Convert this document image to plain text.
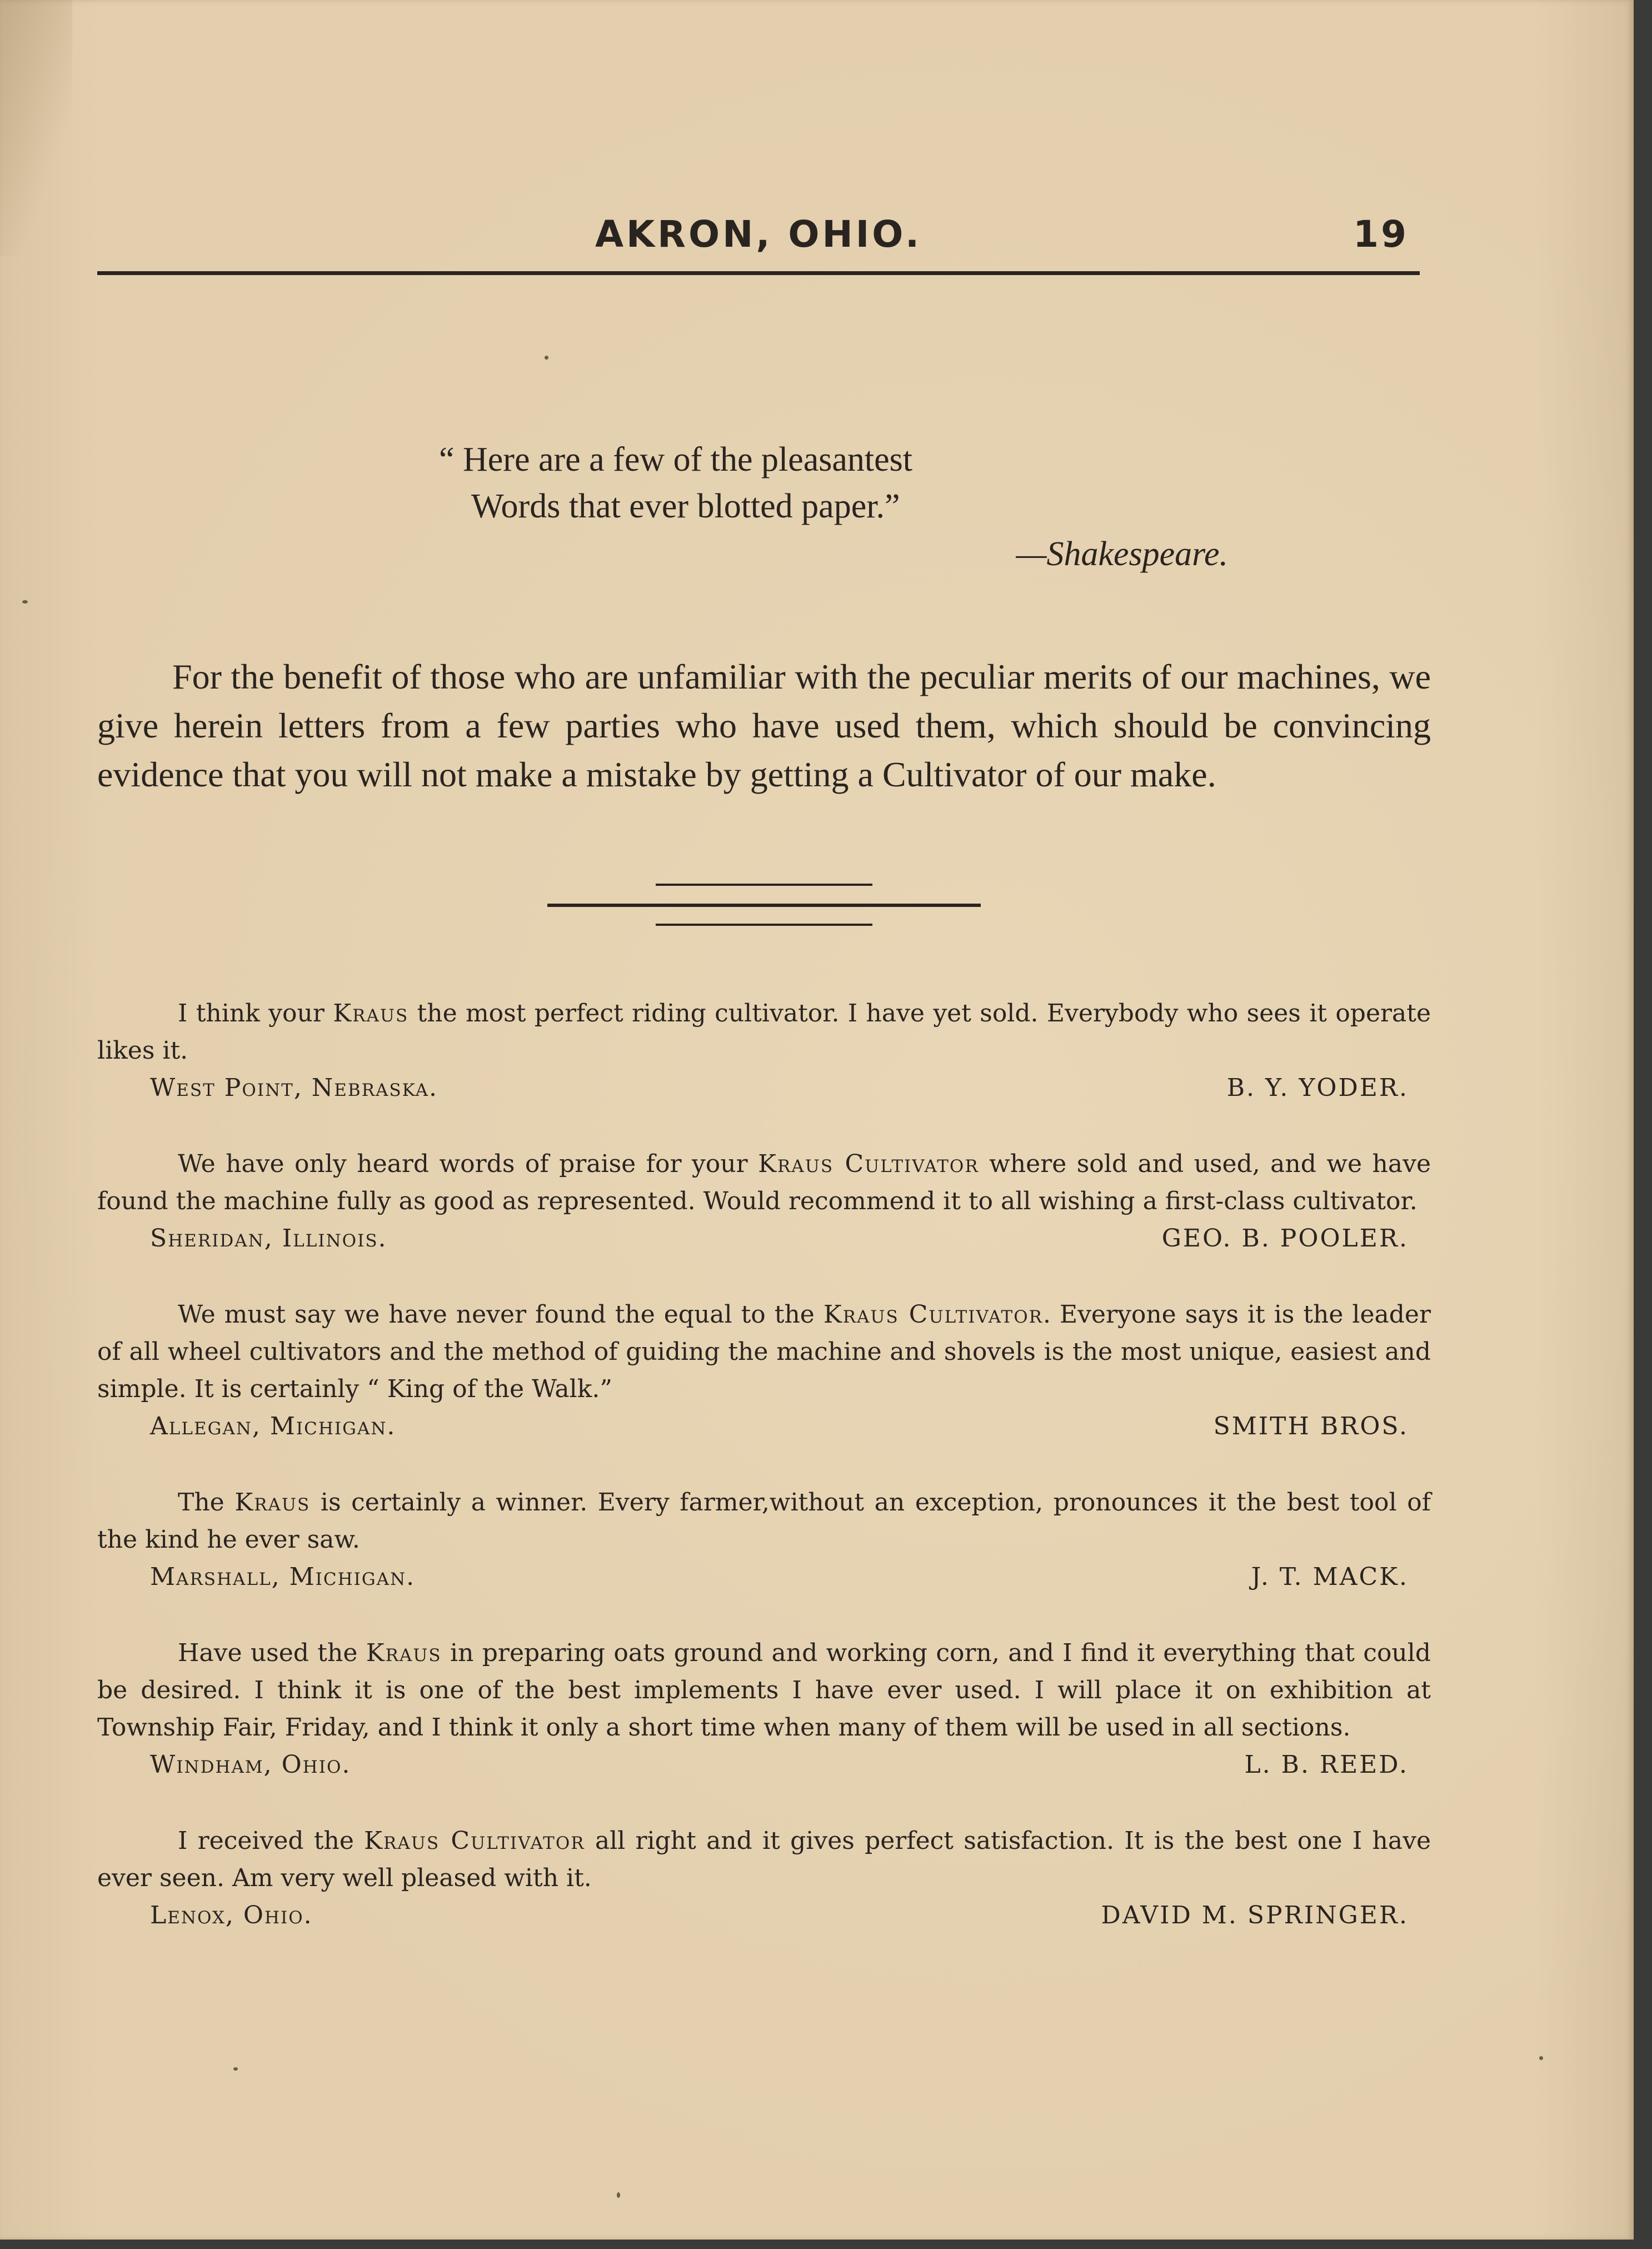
AKRON, OHIO.	19
“ Here are a few of the pleasantest
Words that ever blotted paper.”
—Shakespeare.

For the benefit of those who are unfamiliar with the peculiar merits of our machines, we give herein letters from a few parties who have used them, which should be convincing evidence that you will not make a mistake by getting a Cultivator of our make.

I think your Kraus the most perfect riding cultivator. I have yet sold. Everybody who sees it operate likes it.

West Point, Nebraska.	B. Y. YODER.

We have only heard words of praise for your Kraus Cultivator where sold and used, and we have found the machine fully as good as represented. Would recommend it to all wishing a first-class cultivator.

Sheridan, Illinois.	GEO. B. POOLER.

We must say we have never found the equal to the Kraus Cultivator. Everyone says it is the leader of all wheel cultivators and the method of guiding the machine and shovels is the most unique, easiest and simple. It is certainly “ King of the Walk.”

Allegan, Michigan.	SMITH BROS.

The Kraus is certainly a winner. Every farmer,without an exception, pronounces it the best tool of the kind he ever saw.

Marshall, Michigan.	J. T. MACK.

Have used the Kraus in preparing oats ground and working corn, and I find it everything that could be desired. I think it is one of the best implements I have ever used. I will place it on exhibition at Township Fair, Friday, and I think it only a short time when many of them will be used in all sections.

Windham, Ohio.	L. B. REED.

I received the Kraus Cultivator all right and it gives perfect satisfaction. It is the best one I have ever seen. Am very well pleased with it.

Lenox, Ohio.	DAVID M. SPRINGER.
